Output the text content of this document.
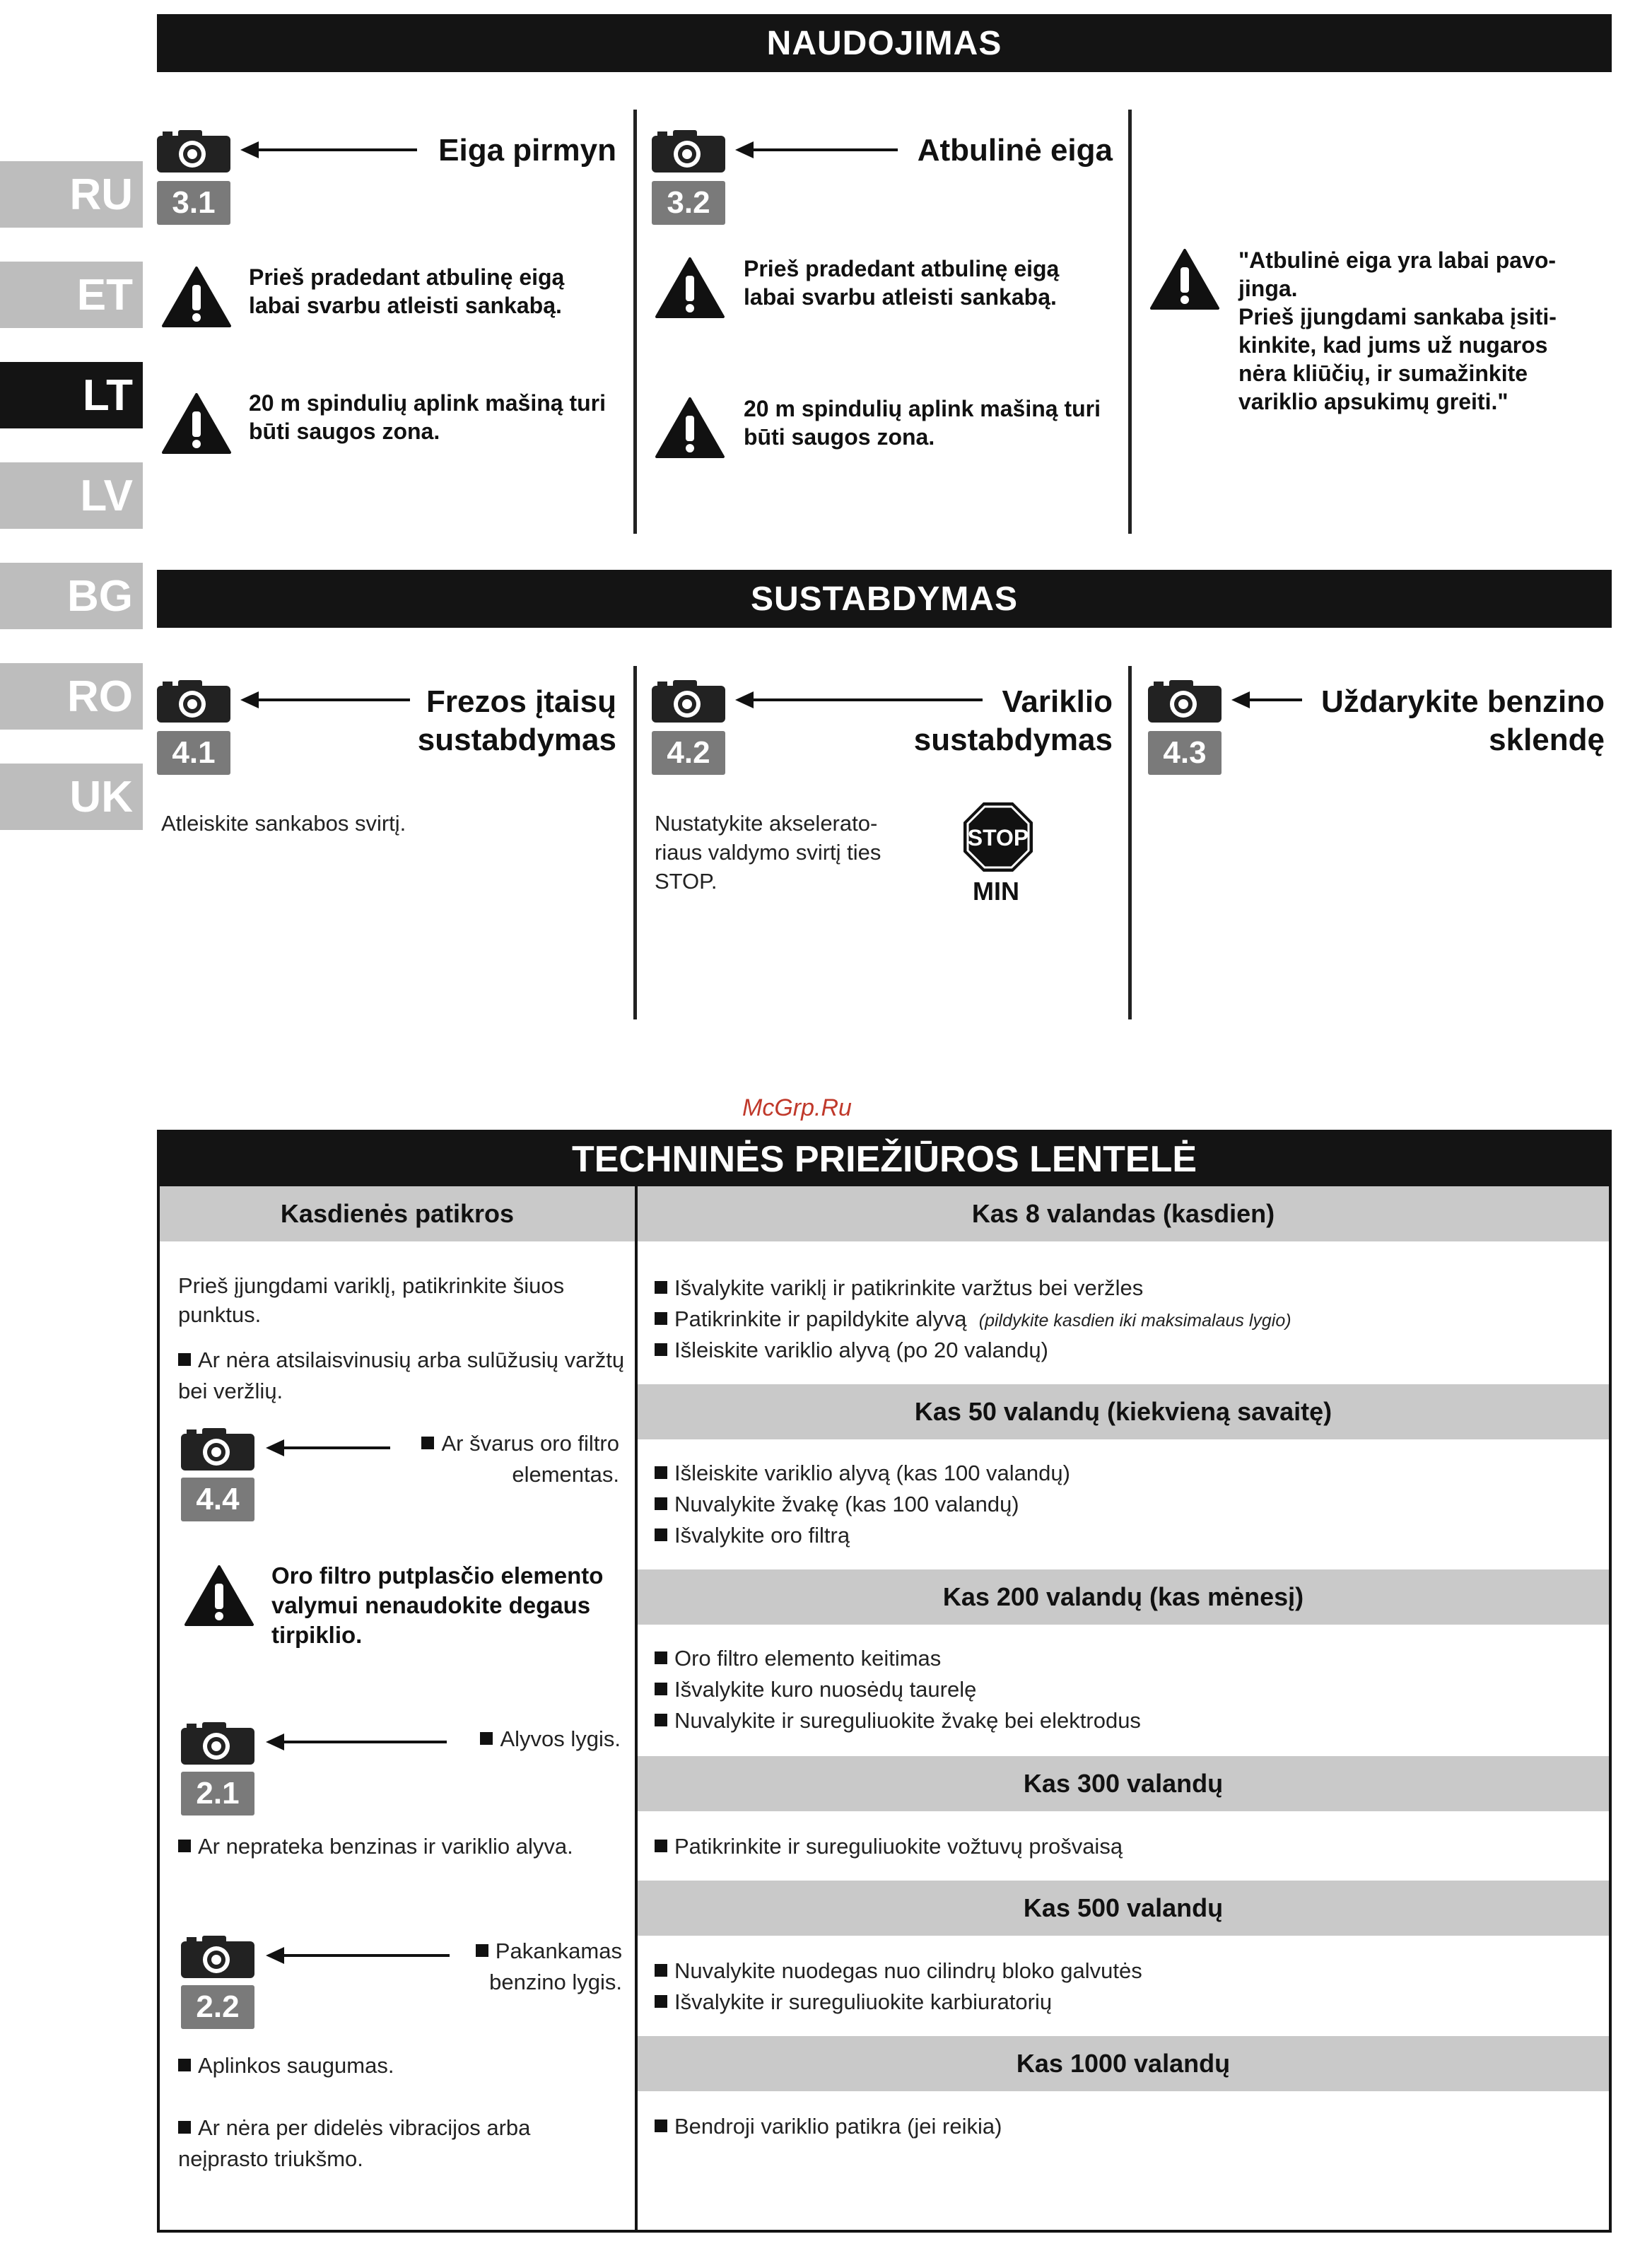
RU
ET
LT
LV
BG
RO
UK
NAUDOJIMAS
3.1
Eiga pirmyn
Prieš pradedant atbulinę eigą labai svarbu atleisti sankabą.
20 m spindulių aplink mašiną turi būti saugos zona.
3.2
Atbulinė eiga
Prieš pradedant atbulinę eigą labai svarbu atleisti sankabą.
20 m spindulių aplink mašiną turi būti saugos zona.
"Atbulinė eiga yra labai pavo-
jinga.
Prieš įjungdami sankaba įsiti-
kinkite, kad jums už nugaros
nėra kliūčių, ir sumažinkite
variklio apsukimų greiti."
SUSTABDYMAS
4.1
Frezos įtaisų
sustabdymas
Atleiskite sankabos svirtį.
4.2
Variklio
sustabdymas
Nustatykite akselerato-
riaus valdymo svirtį ties
STOP.
STOP
MIN
4.3
Uždarykite benzino
sklendę
McGrp.Ru
TECHNINĖS PRIEŽIŪROS LENTELĖ
Kasdienės patikros
Prieš įjungdami variklį, patikrinkite šiuos punktus.
Ar nėra atsilaisvinusių arba sulūžusių varžtų bei veržlių.
4.4
Ar švarus oro filtro elementas.
Oro filtro putplasčio elemento valymui nenaudokite degaus tirpiklio.
2.1
Alyvos lygis.
Ar neprateka benzinas ir variklio alyva.
2.2
Pakankamas benzino lygis.
Aplinkos saugumas.
Ar nėra per didelės vibracijos arba neįprasto triukšmo.
Kas 8 valandas (kasdien)
Išvalykite variklį ir patikrinkite varžtus bei veržles
Patikrinkite ir papildykite alyvą (pildykite kasdien iki maksimalaus lygio)
Išleiskite variklio alyvą (po 20 valandų)
Kas 50 valandų (kiekvieną savaitę)
Išleiskite variklio alyvą (kas 100 valandų)
Nuvalykite žvakę (kas 100 valandų)
Išvalykite oro filtrą
Kas 200 valandų (kas mėnesį)
Oro filtro elemento keitimas
Išvalykite kuro nuosėdų taurelę
Nuvalykite ir sureguliuokite žvakę bei elektrodus
Kas 300 valandų
Patikrinkite ir sureguliuokite vožtuvų prošvaisą
Kas 500 valandų
Nuvalykite nuodegas nuo cilindrų bloko galvutės
Išvalykite ir sureguliuokite karbiuratorių
Kas 1000 valandų
Bendroji variklio patikra (jei reikia)
